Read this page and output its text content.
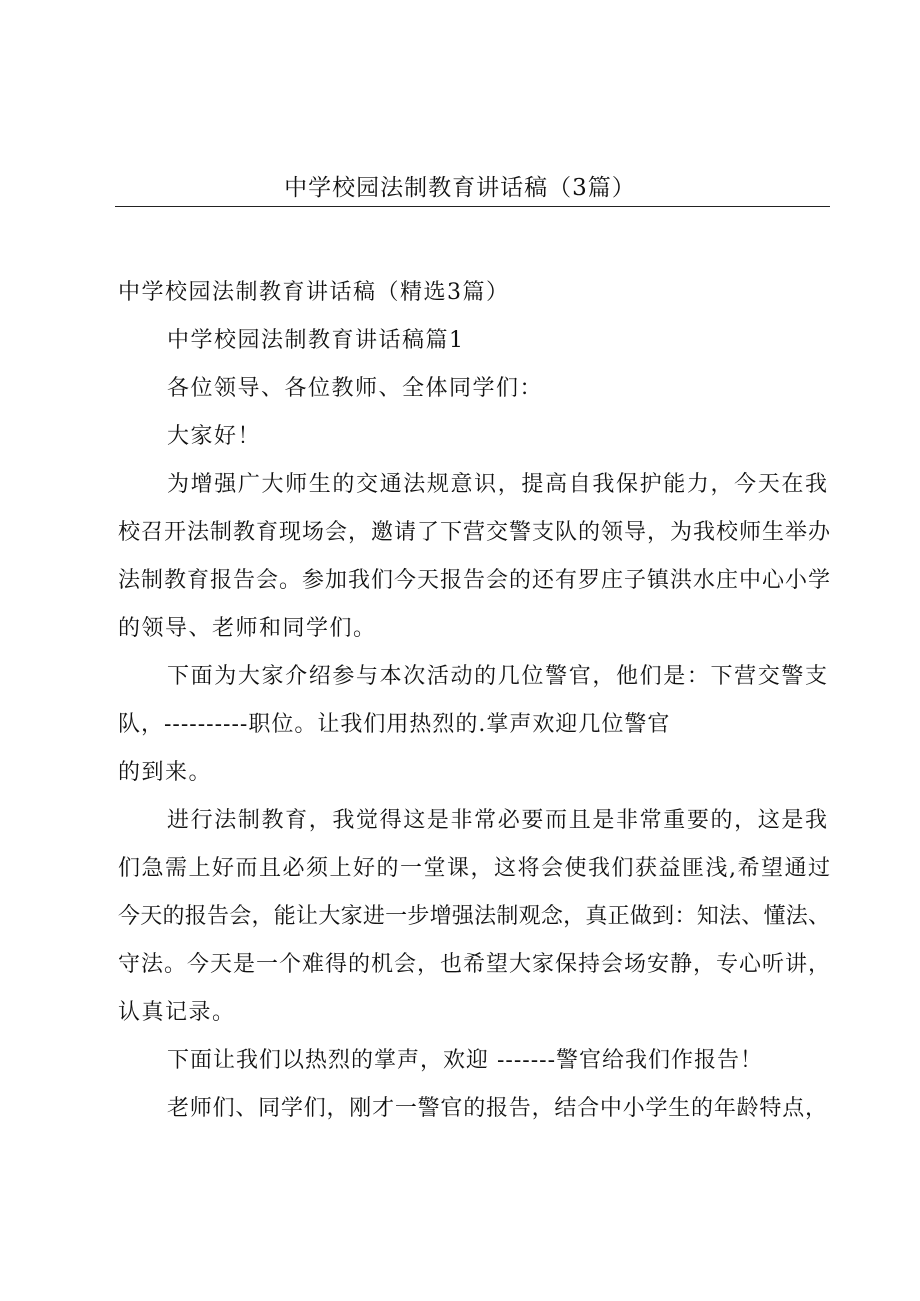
中学校园法制教育讲话稿（3篇）
中学校园法制教育讲话稿（精选3篇）
中学校园法制教育讲话稿篇1
各位领导、各位教师、全体同学们：
大家好！
为增强广大师生的交通法规意识，提高自我保护能力，今天在我
校召开法制教育现场会，邀请了下营交警支队的领导，为我校师生举办
法制教育报告会。参加我们今天报告会的还有罗庄子镇洪水庄中心小学
的领导、老师和同学们。
下面为大家介绍参与本次活动的几位警官，他们是：下营交警支
队，----------职位。让我们用热烈的.掌声欢迎几位警官
的到来。
进行法制教育，我觉得这是非常必要而且是非常重要的，这是我
们急需上好而且必须上好的一堂课，这将会使我们获益匪浅,希望通过
今天的报告会，能让大家进一步增强法制观念，真正做到：知法、懂法、
守法。今天是一个难得的机会，也希望大家保持会场安静，专心听讲，
认真记录。
下面让我们以热烈的掌声，欢迎 -------警官给我们作报告！
老师们、同学们，刚才一警官的报告，结合中小学生的年龄特点，
